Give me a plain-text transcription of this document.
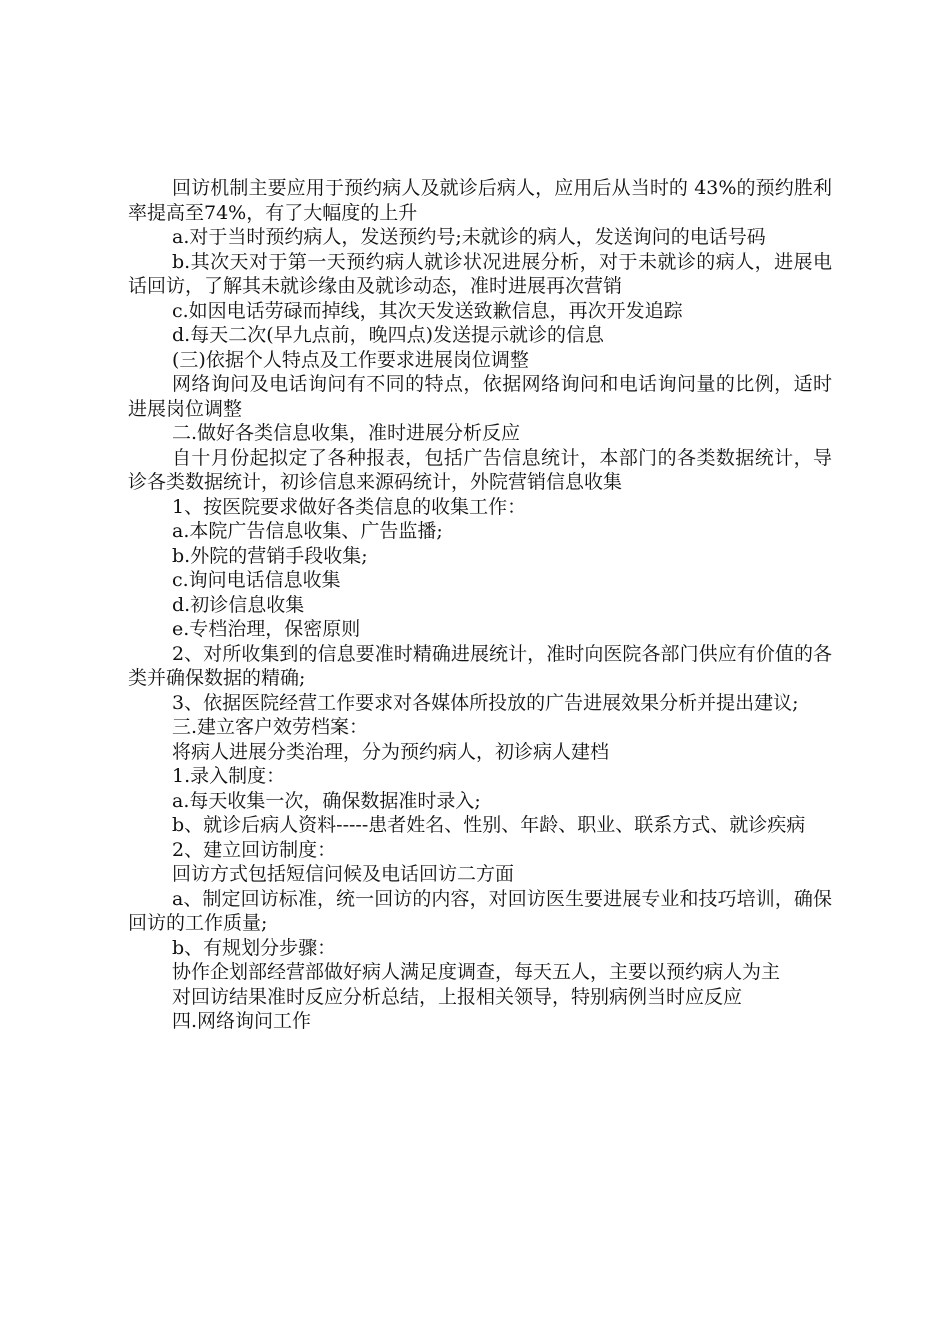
回访机制主要应用于预约病人及就诊后病人，应用后从当时的 43%的预约胜利率提高至74%，有了大幅度的上升

a.对于当时预约病人，发送预约号;未就诊的病人，发送询问的电话号码

b.其次天对于第一天预约病人就诊状况进展分析，对于未就诊的病人，进展电话回访，了解其未就诊缘由及就诊动态，准时进展再次营销

c.如因电话劳碌而掉线，其次天发送致歉信息，再次开发追踪

d.每天二次(早九点前，晚四点)发送提示就诊的信息

(三)依据个人特点及工作要求进展岗位调整

网络询问及电话询问有不同的特点，依据网络询问和电话询问量的比例，适时进展岗位调整

二.做好各类信息收集，准时进展分析反应

自十月份起拟定了各种报表，包括广告信息统计，本部门的各类数据统计，导诊各类数据统计，初诊信息来源码统计，外院营销信息收集

1、按医院要求做好各类信息的收集工作：

a.本院广告信息收集、广告监播;

b.外院的营销手段收集;

c.询问电话信息收集

d.初诊信息收集

e.专档治理，保密原则

2、对所收集到的信息要准时精确进展统计，准时向医院各部门供应有价值的各类并确保数据的精确;

3、依据医院经营工作要求对各媒体所投放的广告进展效果分析并提出建议;

三.建立客户效劳档案：

将病人进展分类治理，分为预约病人，初诊病人建档

1.录入制度：

a.每天收集一次，确保数据准时录入;

b、就诊后病人资料-----患者姓名、性别、年龄、职业、联系方式、就诊疾病

2、建立回访制度：

回访方式包括短信问候及电话回访二方面

a、制定回访标准，统一回访的内容，对回访医生要进展专业和技巧培训，确保回访的工作质量;

b、有规划分步骤：

协作企划部经营部做好病人满足度调查，每天五人，主要以预约病人为主

对回访结果准时反应分析总结，上报相关领导，特别病例当时应反应

四.网络询问工作
